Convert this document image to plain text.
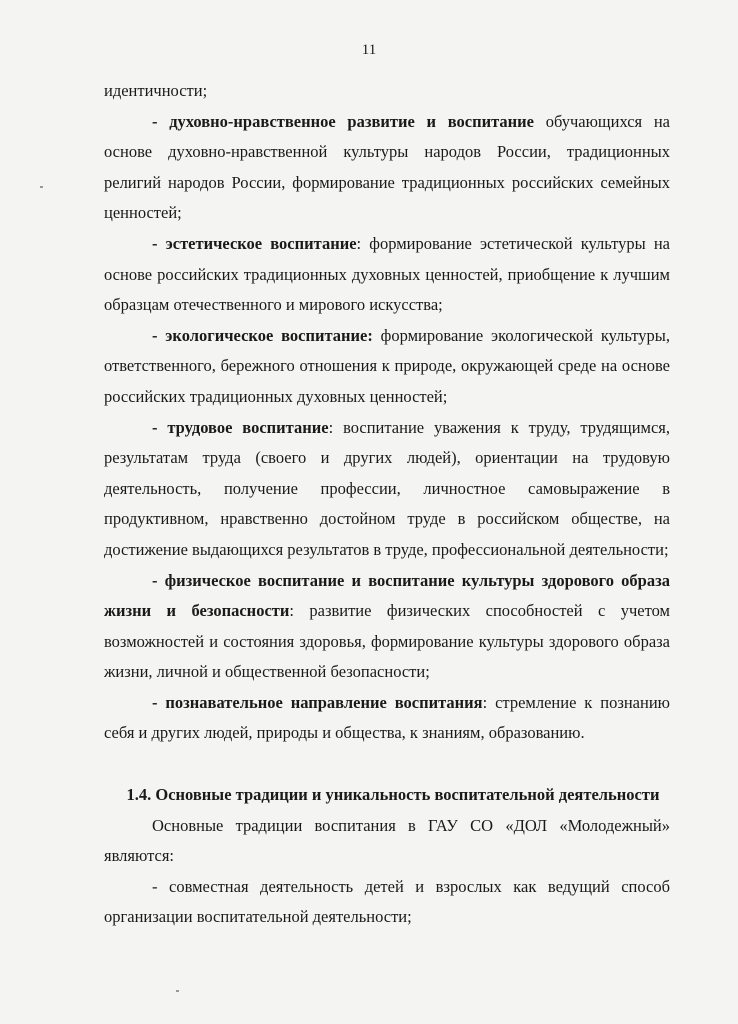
11

идентичности;

- духовно-нравственное развитие и воспитание обучающихся на основе духовно-нравственной культуры народов России, традиционных религий народов России, формирование традиционных российских семейных ценностей;

- эстетическое воспитание: формирование эстетической культуры на основе российских традиционных духовных ценностей, приобщение к лучшим образцам отечественного и мирового искусства;

- экологическое воспитание: формирование экологической культуры, ответственного, бережного отношения к природе, окружающей среде на основе российских традиционных духовных ценностей;

- трудовое воспитание: воспитание уважения к труду, трудящимся, результатам труда (своего и других людей), ориентации на трудовую деятельность, получение профессии, личностное самовыражение в продуктивном, нравственно достойном труде в российском обществе, на достижение выдающихся результатов в труде, профессиональной деятельности;

- физическое воспитание и воспитание культуры здорового образа жизни и безопасности: развитие физических способностей с учетом возможностей и состояния здоровья, формирование культуры здорового образа жизни, личной и общественной безопасности;

- познавательное направление воспитания: стремление к познанию себя и других людей, природы и общества, к знаниям, образованию.

1.4. Основные традиции и уникальность воспитательной деятельности

Основные традиции воспитания в ГАУ СО «ДОЛ «Молодежный» являются:

- совместная деятельность детей и взрослых как ведущий способ организации воспитательной деятельности;
